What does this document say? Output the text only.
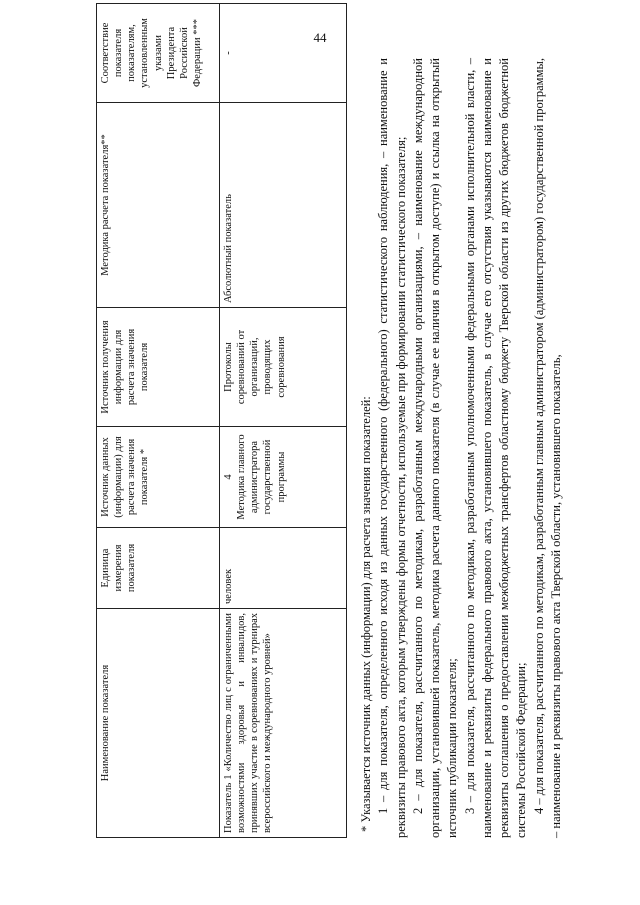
44
Наименование показателя	Единица измерения показателя	Источник данных (информации) для расчета значения показателя *	Источник получения информации для расчета значения показателя	Методика расчета показателя**	Соответствие показателя показателям, установленным указами Президента Российской Федерации ***
Показатель 1 «Количество лиц с ограниченными возможностями здоровья и инвалидов, принявших участие в соревнованиях и турнирах всероссийского и международного уровней»	человек	4 Методика главного администратора государственной программы	Протоколы соревнований от организаций, проводящих соревнования	Абсолютный показатель	-

* Указывается источник данных (информации) для расчета значения показателей: 1 – для показателя, определенного исходя из данных государственного (федерального) статистического наблюдения, – наименование и реквизиты правового акта, которым утверждены формы отчетности, используемые при формировании статистического показателя; 2 – для показателя, рассчитанного по методикам, разработанным международными организациями, – наименование международной организации, установившей показатель, методика расчета данного показателя (в случае ее наличия в открытом доступе) и ссылка на открытый источник публикации показателя; 3 – для показателя, рассчитанного по методикам, разработанным уполномоченными федеральными органами исполнительной власти, – наименование и реквизиты федерального правового акта, установившего показатель, в случае его отсутствия указываются наименование и реквизиты соглашения о предоставлении межбюджетных трансфертов областному бюджету Тверской области из других бюджетов бюджетной системы Российской Федерации; 4 – для показателя, рассчитанного по методикам, разработанным главным администратором (администратором) государственной программы, – наименование и реквизиты правового акта Тверской области, установившего показатель,
